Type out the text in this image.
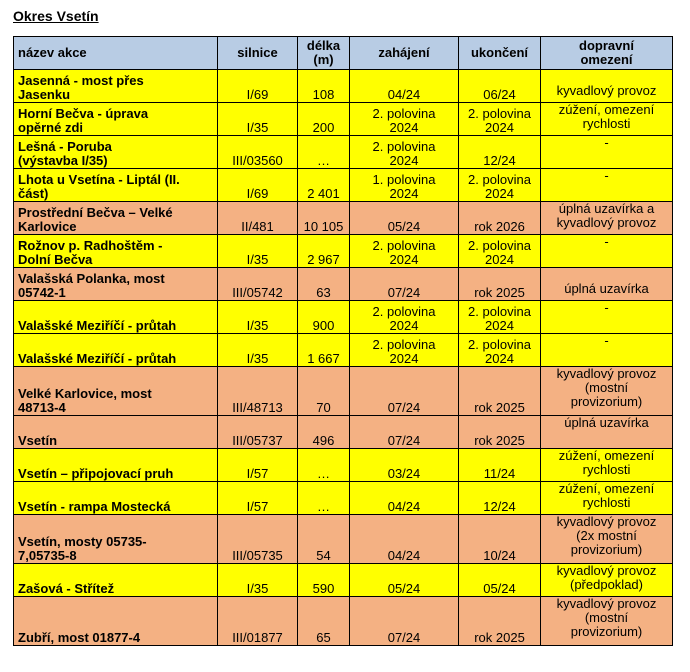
Okres Vsetín
název akce	silnice	délka
(m)	zahájení	ukončení	dopravní
omezení
Jasenná - most přes
Jasenku	I/69	108	04/24	06/24	kyvadlový provoz
Horní Bečva - úprava
opěrné zdi	I/35	200	2. polovina
2024	2. polovina
2024	zúžení, omezení
rychlosti
Lešná - Poruba
(výstavba I/35)	III/03560	…	2. polovina
2024	12/24	-
Lhota u Vsetína - Liptál (II.
část)	I/69	2 401	1. polovina
2024	2. polovina
2024	-
Prostřední Bečva – Velké
Karlovice	II/481	10 105	05/24	rok 2026	úplná uzavírka a
kyvadlový provoz
Rožnov p. Radhoštěm -
Dolní Bečva	I/35	2 967	2. polovina
2024	2. polovina
2024	-
Valašská Polanka, most
05742-1	III/05742	63	07/24	rok 2025	úplná uzavírka
Valašské Meziříčí - průtah	I/35	900	2. polovina
2024	2. polovina
2024	-
Valašské Meziříčí - průtah	I/35	1 667	2. polovina
2024	2. polovina
2024	-
Velké Karlovice, most
48713-4	III/48713	70	07/24	rok 2025	kyvadlový provoz
(mostní
provizorium)
Vsetín	III/05737	496	07/24	rok 2025	úplná uzavírka
Vsetín – připojovací pruh	I/57	…	03/24	11/24	zúžení, omezení
rychlosti
Vsetín - rampa Mostecká	I/57	…	04/24	12/24	zúžení, omezení
rychlosti
Vsetín, mosty 05735-
7,05735-8	III/05735	54	04/24	10/24	kyvadlový provoz
(2x mostní
provizorium)
Zašová - Střítež	I/35	590	05/24	05/24	kyvadlový provoz
(předpoklad)
Zubří, most 01877-4	III/01877	65	07/24	rok 2025	kyvadlový provoz
(mostní
provizorium)
